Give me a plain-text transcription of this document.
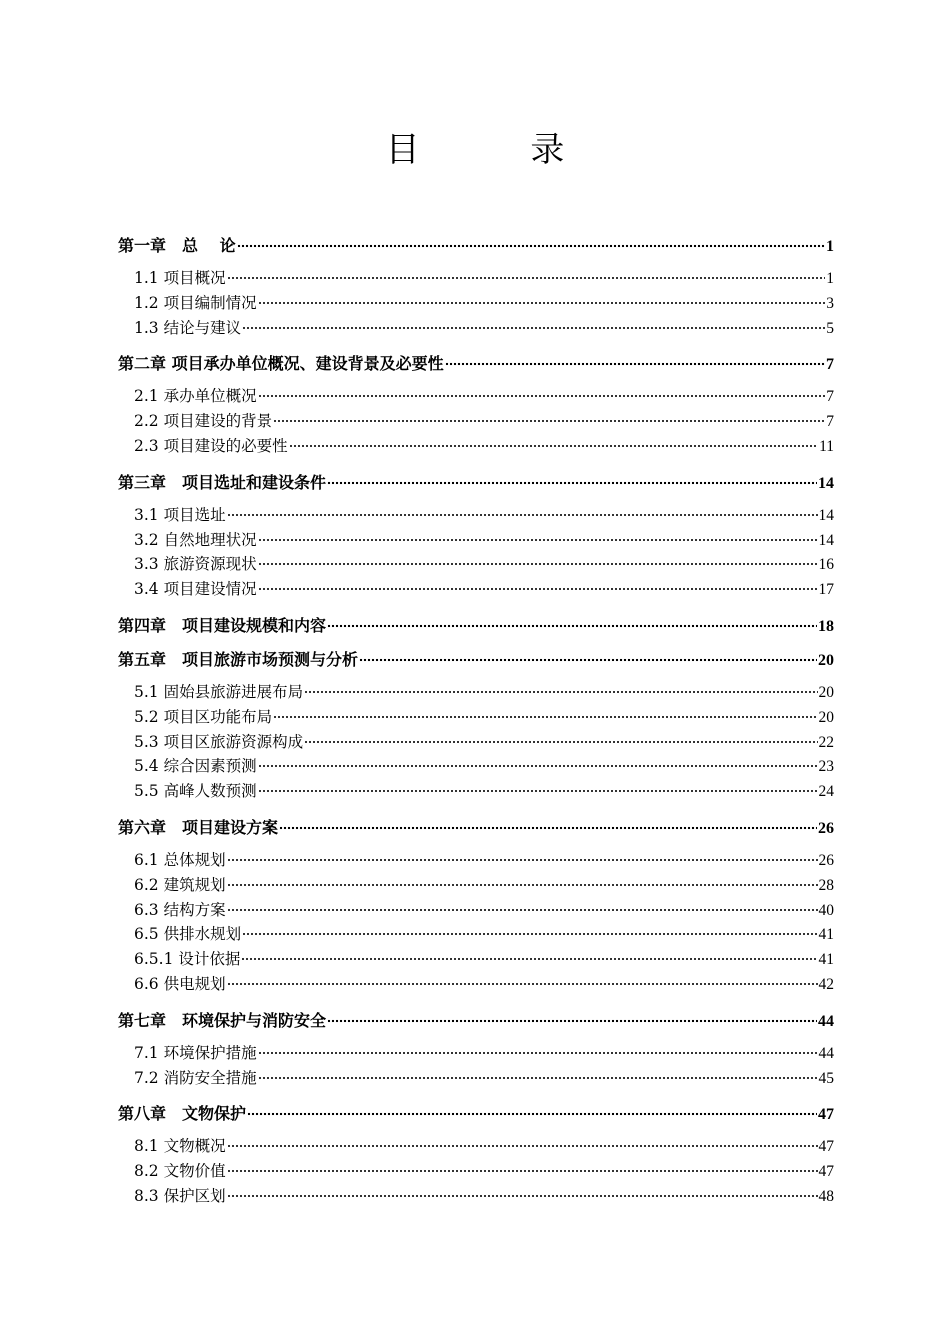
目 录
第一章　总　 论	1
1.1 项目概况	1
1.2 项目编制情况	3
1.3 结论与建议	5
第二章 项目承办单位概况、建设背景及必要性	7
2.1 承办单位概况	7
2.2 项目建设的背景	7
2.3 项目建设的必要性	11
第三章　项目选址和建设条件	14
3.1 项目选址	14
3.2 自然地理状况	14
3.3 旅游资源现状	16
3.4 项目建设情况	17
第四章　项目建设规模和内容	18
第五章　项目旅游市场预测与分析	20
5.1 固始县旅游进展布局	20
5.2 项目区功能布局	20
5.3 项目区旅游资源构成	22
5.4 综合因素预测	23
5.5 高峰人数预测	24
第六章　项目建设方案	26
6.1 总体规划	26
6.2 建筑规划	28
6.3 结构方案	40
6.5 供排水规划	41
6.5.1 设计依据	41
6.6 供电规划	42
第七章　环境保护与消防安全	44
7.1 环境保护措施	44
7.2 消防安全措施	45
第八章　文物保护	47
8.1 文物概况	47
8.2 文物价值	47
8.3 保护区划	48
